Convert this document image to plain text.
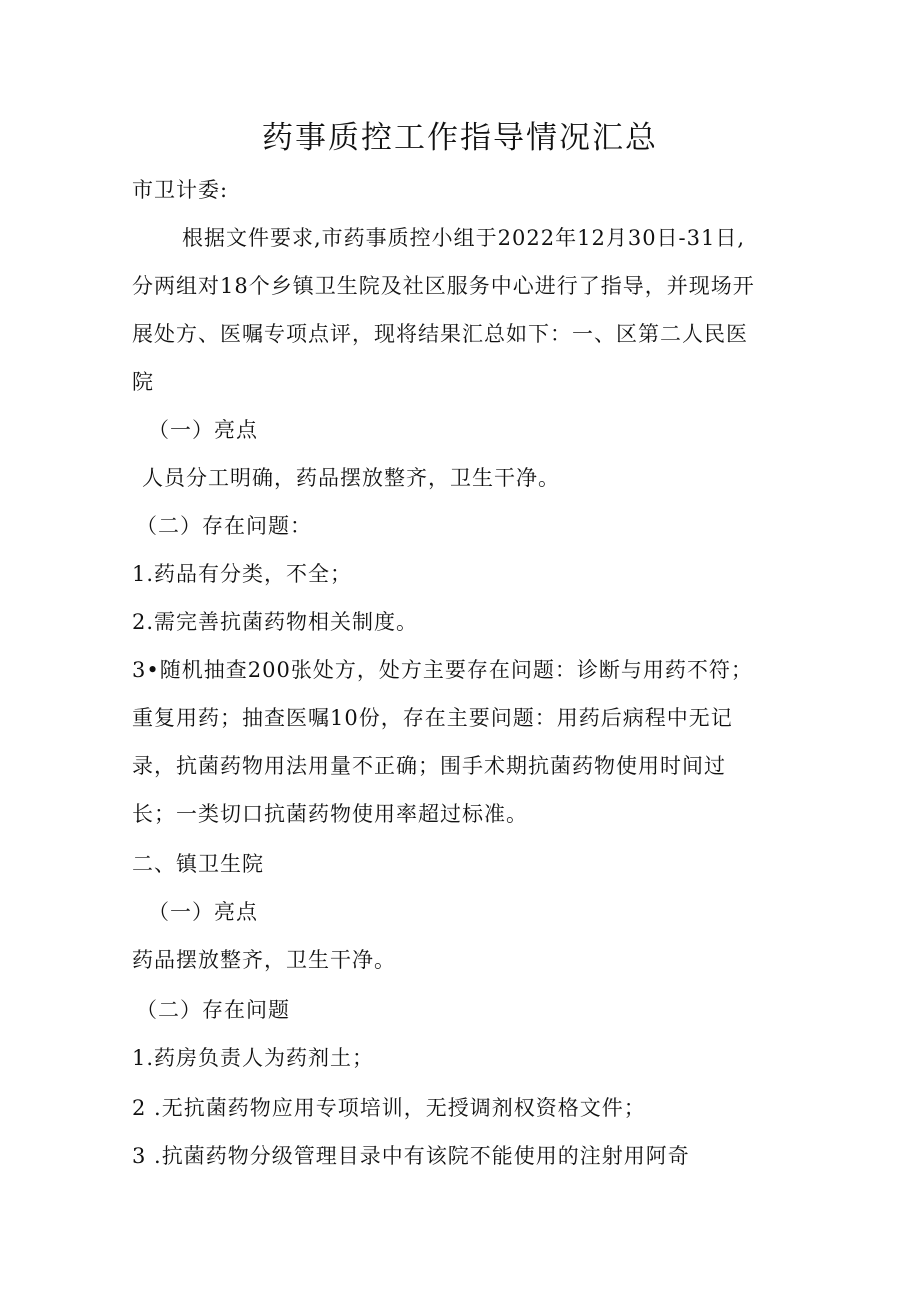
药事质控工作指导情况汇总
市卫计委:
根据文件要求,市药事质控小组于2022年12月30日-31日,
分两组对18个乡镇卫生院及社区服务中心进行了指导，并现场开
展处方、医嘱专项点评，现将结果汇总如下：一、区第二人民医
院
（一）亮点
人员分工明确，药品摆放整齐，卫生干净。
（二）存在问题：
1.药品有分类，不全；
2.需完善抗菌药物相关制度。
3•随机抽查200张处方，处方主要存在问题：诊断与用药不符；
重复用药；抽查医嘱10份，存在主要问题：用药后病程中无记
录，抗菌药物用法用量不正确；围手术期抗菌药物使用时间过
长；一类切口抗菌药物使用率超过标准。
二、镇卫生院
（一）亮点
药品摆放整齐，卫生干净。
（二）存在问题
1.药房负责人为药剂土；
2 .无抗菌药物应用专项培训，无授调剂权资格文件；
3 .抗菌药物分级管理目录中有该院不能使用的注射用阿奇
